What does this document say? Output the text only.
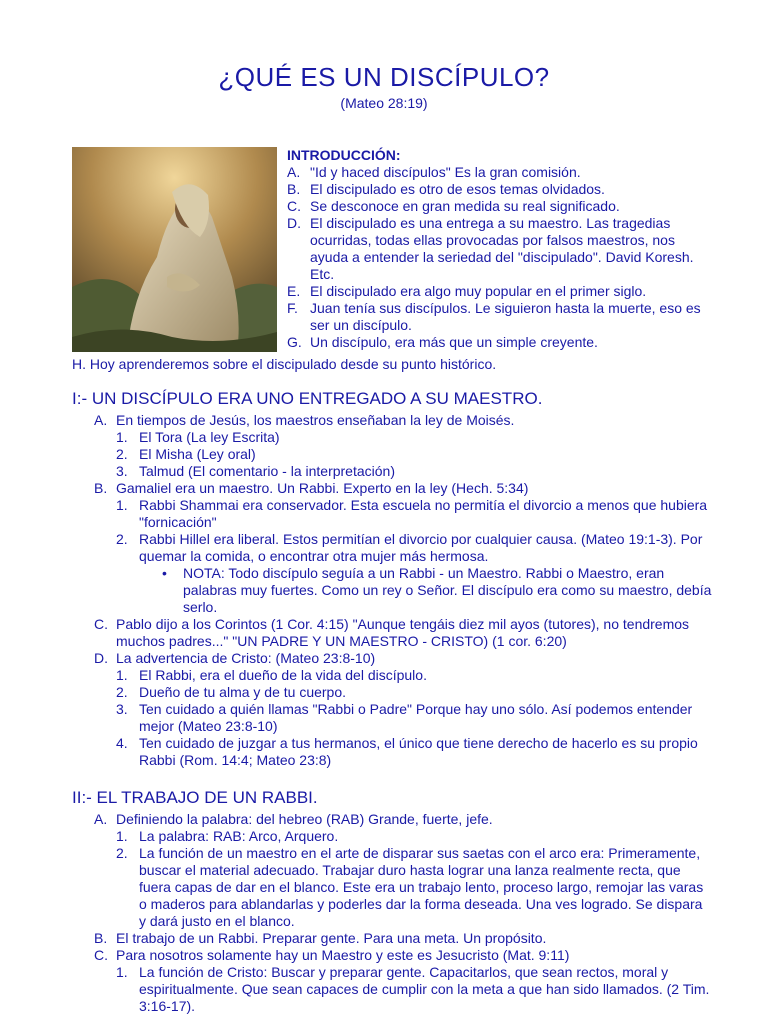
¿QUÉ ES UN DISCÍPULO?
(Mateo 28:19)
INTRODUCCIÓN:
A. "Id y haced discípulos" Es la gran comisión.
B. El discipulado es otro de esos temas olvidados.
C. Se desconoce en gran medida su real significado.
D. El discipulado es una entrega a su maestro. Las tragedias ocurridas, todas ellas provocadas por falsos maestros, nos ayuda a entender la seriedad del "discipulado". David Koresh. Etc.
E. El discipulado era algo muy popular en el primer siglo.
F. Juan tenía sus discípulos. Le siguieron hasta la muerte, eso es ser un discípulo.
G. Un discípulo, era más que un simple creyente.
H. Hoy aprenderemos sobre el discipulado desde su punto histórico.
I:- UN DISCÍPULO ERA UNO ENTREGADO A SU MAESTRO.
A. En tiempos de Jesús, los maestros enseñaban la ley de Moisés.
1. El Tora (La ley Escrita)
2. El Misha (Ley oral)
3. Talmud (El comentario - la interpretación)
B. Gamaliel era un maestro. Un Rabbi. Experto en la ley (Hech. 5:34)
1. Rabbi Shammai era conservador. Esta escuela no permitía el divorcio a menos que hubiera "fornicación"
2. Rabbi Hillel era liberal. Estos permitían el divorcio por cualquier causa. (Mateo 19:1-3). Por quemar la comida, o encontrar otra mujer más hermosa.
• NOTA: Todo discípulo seguía a un Rabbi - un Maestro. Rabbi o Maestro, eran palabras muy fuertes. Como un rey o Señor. El discípulo era como su maestro, debía serlo.
C. Pablo dijo a los Corintos (1 Cor. 4:15) "Aunque tengáis diez mil ayos (tutores), no tendremos muchos padres..." "UN PADRE Y UN MAESTRO - CRISTO) (1 cor. 6:20)
D. La advertencia de Cristo: (Mateo 23:8-10)
1. El Rabbi, era el dueño de la vida del discípulo.
2. Dueño de tu alma y de tu cuerpo.
3. Ten cuidado a quién llamas "Rabbi o Padre" Porque hay uno sólo. Así podemos entender mejor (Mateo 23:8-10)
4. Ten cuidado de juzgar a tus hermanos, el único que tiene derecho de hacerlo es su propio Rabbi (Rom. 14:4; Mateo 23:8)
II:- EL TRABAJO DE UN RABBI.
A. Definiendo la palabra: del hebreo (RAB) Grande, fuerte, jefe.
1. La palabra: RAB: Arco, Arquero.
2. La función de un maestro en el arte de disparar sus saetas con el arco era: Primeramente, buscar el material adecuado. Trabajar duro hasta lograr una lanza realmente recta, que fuera capas de dar en el blanco. Este era un trabajo lento, proceso largo, remojar las varas o maderos para ablandarlas y poderles dar la forma deseada. Una ves logrado. Se dispara y dará justo en el blanco.
B. El trabajo de un Rabbi. Preparar gente. Para una meta. Un propósito.
C. Para nosotros solamente hay un Maestro y este es Jesucristo (Mat. 9:11)
1. La función de Cristo: Buscar y preparar gente. Capacitarlos, que sean rectos, moral y espiritualmente. Que sean capaces de cumplir con la meta a que han sido llamados. (2 Tim. 3:16-17).
